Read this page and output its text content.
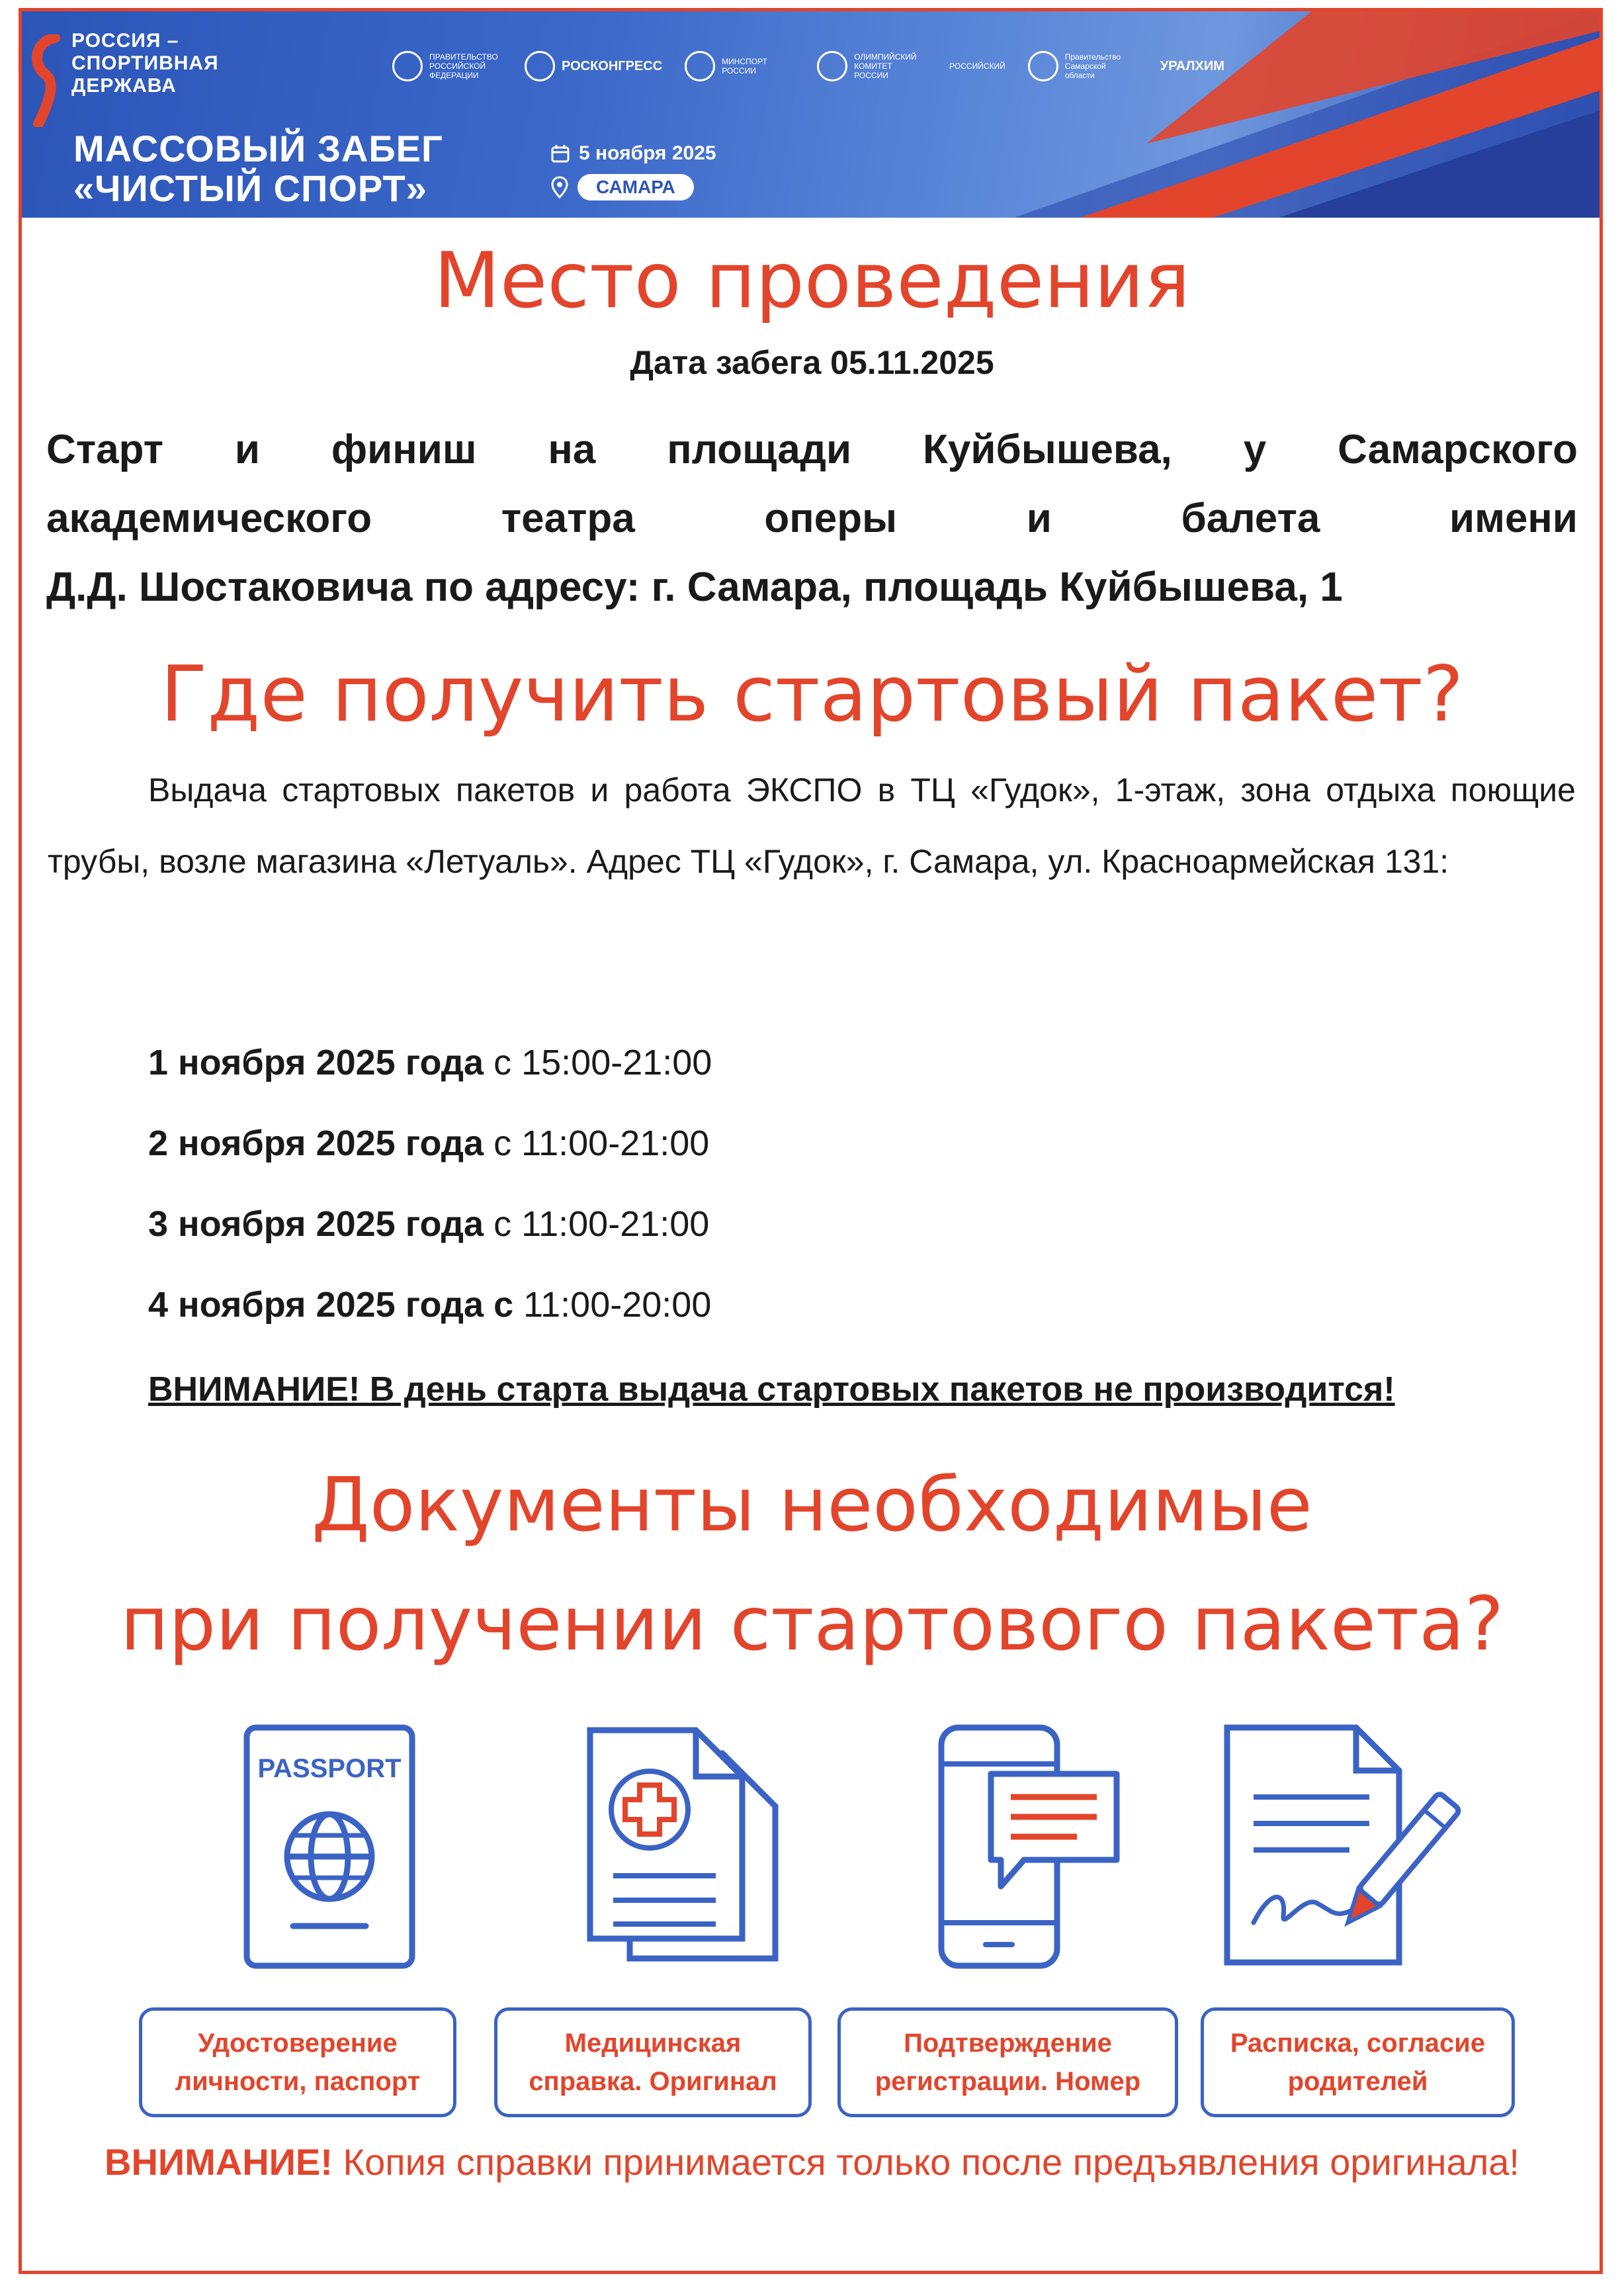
РОССИЯ –
СПОРТИВНАЯ
ДЕРЖАВА
ПРАВИТЕЛЬСТВО РОССИЙСКОЙ ФЕДЕРАЦИИ
РОСКОНГРЕСС	МИНСПОРТ РОССИИ
ОЛИМПИЙСКИЙ КОМИТЕТ РОССИИ
РОССИЙСКИЙ
Правительство Самарской области
УРАЛХИМ
МАССОВЫЙ ЗАБЕГ
«ЧИСТЫЙ СПОРТ»
5 ноября 2025
САМАРА
Место проведения
Дата забега 05.11.2025
Старт и финиш на площади Куйбышева, у Самарского
академического театра оперы и балета имени
Д.Д. Шостаковича по адресу: г. Самара, площадь Куйбышева, 1
Где получить стартовый пакет?
Выдача стартовых пакетов и работа ЭКСПО в ТЦ «Гудок», 1-этаж, зона отдыха поющие трубы, возле магазина «Летуаль». Адрес ТЦ «Гудок», г. Самара, ул. Красноармейская 131:
1 ноября 2025 года с 15:00-21:00
2 ноября 2025 года с 11:00-21:00
3 ноября 2025 года с 11:00-21:00
4 ноября 2025 года с 11:00-20:00
ВНИМАНИЕ! В день старта выдача стартовых пакетов не производится!
Документы необходимые
при получении стартового пакета?
PASSPORT
Удостоверение
личности, паспорт
Медицинская
справка. Оригинал
Подтверждение
регистрации. Номер
Расписка, согласие
родителей
ВНИМАНИЕ! Копия справки принимается только после предъявления оригинала!
